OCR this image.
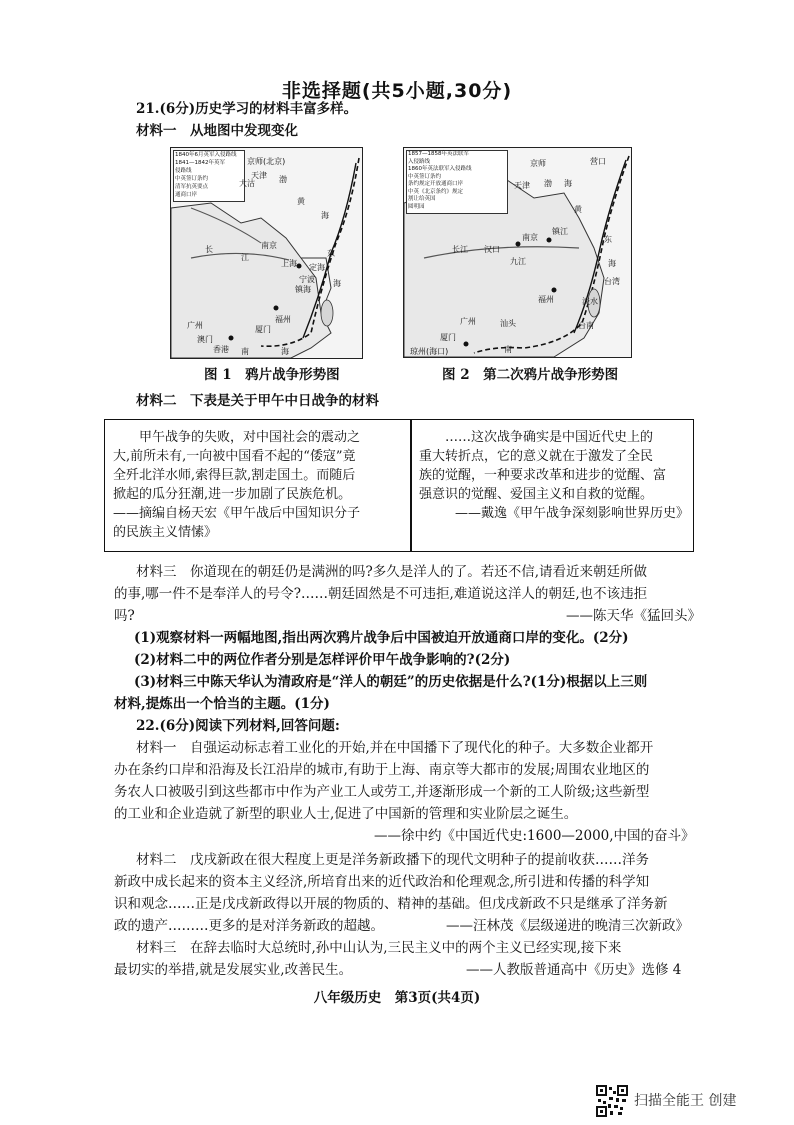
非选择题(共5小题,30分)
21.(6分)历史学习的材料丰富多样。
材料一　 从地图中发现变化
1840年6月英军入侵路线
1841—1842年英军
侵路线
中英签订条约
清军抗英要点
通商口岸
京师(北京)
天津
大沽	渤
黄
海
东
海
长
江
宁波
南京
定海
镇海
厦门
广州
澳门
福州
香港 南	海
上海
图 1　鸦片战争形势图
1857—1858年英法联军
入侵路线
1860年英法联军入侵路线
中英签订条约
条约规定开放通商口岸
中英《北京条约》规定
割让给英国
圆明园
京师
天津
营口
渤 海
黄
汉口
镇江
南京
九江
长江
东
海
台湾
淡水
台南
福州
汕头
广州
厦门
琼州(海口)	南
图 2　第二次鸦片战争形势图
材料二　 下表是关于甲午中日战争的材料
　　甲午战争的失败，对中国社会的震动之
大,前所未有,一向被中国看不起的“倭寇”竟
全歼北洋水师,索得巨款,割走国土。而随后
掀起的瓜分狂潮,进一步加剧了民族危机。
——摘编自杨天宏《甲午战后中国知识分子
的民族主义情愫》
　　……这次战争确实是中国近代史上的
重大转折点，它的意义就在于激发了全民
族的觉醒，一种要求改革和进步的觉醒、富
强意识的觉醒、爱国主义和自救的觉醒。
——戴逸《甲午战争深刻影响世界历史》
材料三　你道现在的朝廷仍是满洲的吗?多久是洋人的了。若还不信,请看近来朝廷所做
的事,哪一件不是奉洋人的号令?……朝廷固然是不可违拒,难道说这洋人的朝廷,也不该违拒
吗?	——陈天华《猛回头》
(1)观察材料一两幅地图,指出两次鸦片战争后中国被迫开放通商口岸的变化。(2分)
(2)材料二中的两位作者分别是怎样评价甲午战争影响的?(2分)
(3)材料三中陈天华认为清政府是“洋人的朝廷”的历史依据是什么?(1分)根据以上三则
材料,提炼出一个恰当的主题。(1分)
22.(6分)阅读下列材料,回答问题:
材料一　自强运动标志着工业化的开始,并在中国播下了现代化的种子。大多数企业都开
办在条约口岸和沿海及长江沿岸的城市,有助于上海、南京等大都市的发展;周围农业地区的
务农人口被吸引到这些都市中作为产业工人或劳工,并逐渐形成一个新的工人阶级;这些新型
的工业和企业造就了新型的职业人士,促进了中国新的管理和实业阶层之诞生。
——徐中约《中国近代史:1600—2000,中国的奋斗》
材料二　戊戌新政在很大程度上更是洋务新政播下的现代文明种子的提前收获……洋务
新政中成长起来的资本主义经济,所培育出来的近代政治和伦理观念,所引进和传播的科学知
识和观念……正是戊戌新政得以开展的物质的、精神的基础。但戊戌新政不只是继承了洋务新
政的遗产………更多的是对洋务新政的超越。	——汪林茂《层级递进的晚清三次新政》
材料三　在辞去临时大总统时,孙中山认为,三民主义中的两个主义已经实现,接下来
最切实的举措,就是发展实业,改善民生。	——人教版普通高中《历史》选修 4
八年级历史　第3页(共4页)
扫描全能王 创建
